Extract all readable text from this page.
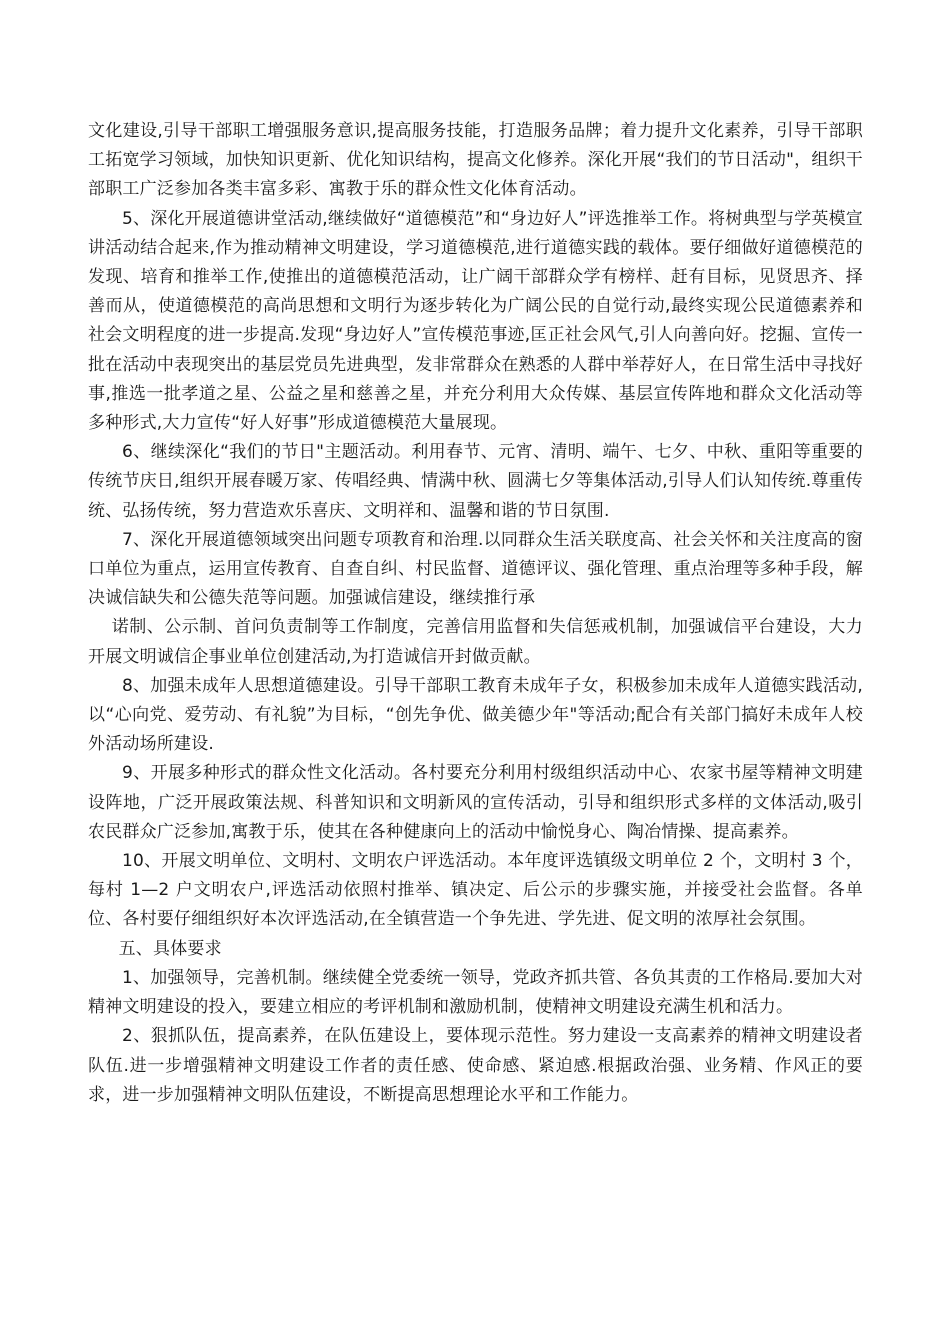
文化建设,引导干部职工增强服务意识,提高服务技能，打造服务品牌；着力提升文化素养，引导干部职工拓宽学习领域，加快知识更新、优化知识结构，提高文化修养。深化开展“我们的节日活动"，组织干部职工广泛参加各类丰富多彩、寓教于乐的群众性文化体育活动。

5、深化开展道德讲堂活动,继续做好“道德模范”和“身边好人”评选推举工作。将树典型与学英模宣讲活动结合起来,作为推动精神文明建设，学习道德模范,进行道德实践的载体。要仔细做好道德模范的发现、培育和推举工作,使推出的道德模范活动，让广阔干部群众学有榜样、赶有目标，见贤思齐、择善而从，使道德模范的高尚思想和文明行为逐步转化为广阔公民的自觉行动,最终实现公民道德素养和社会文明程度的进一步提高.发现“身边好人”宣传模范事迹,匡正社会风气,引人向善向好。挖掘、宣传一批在活动中表现突出的基层党员先进典型，发非常群众在熟悉的人群中举荐好人，在日常生活中寻找好事,推选一批孝道之星、公益之星和慈善之星，并充分利用大众传媒、基层宣传阵地和群众文化活动等多种形式,大力宣传“好人好事”形成道德模范大量展现。

6、继续深化“我们的节日"主题活动。利用春节、元宵、清明、端午、七夕、中秋、重阳等重要的传统节庆日,组织开展春暖万家、传唱经典、情满中秋、圆满七夕等集体活动,引导人们认知传统.尊重传统、弘扬传统，努力营造欢乐喜庆、文明祥和、温馨和谐的节日氛围.

7、深化开展道德领域突出问题专项教育和治理.以同群众生活关联度高、社会关怀和关注度高的窗口单位为重点，运用宣传教育、自查自纠、村民监督、道德评议、强化管理、重点治理等多种手段，解决诚信缺失和公德失范等问题。加强诚信建设，继续推行承

诺制、公示制、首问负责制等工作制度，完善信用监督和失信惩戒机制，加强诚信平台建设，大力开展文明诚信企事业单位创建活动,为打造诚信开封做贡献。

8、加强未成年人思想道德建设。引导干部职工教育未成年子女，积极参加未成年人道德实践活动,以“心向党、爱劳动、有礼貌”为目标，“创先争优、做美德少年"等活动;配合有关部门搞好未成年人校外活动场所建设.

9、开展多种形式的群众性文化活动。各村要充分利用村级组织活动中心、农家书屋等精神文明建设阵地，广泛开展政策法规、科普知识和文明新风的宣传活动，引导和组织形式多样的文体活动,吸引农民群众广泛参加,寓教于乐，使其在各种健康向上的活动中愉悦身心、陶冶情操、提高素养。

10、开展文明单位、文明村、文明农户评选活动。本年度评选镇级文明单位 2 个，文明村 3 个，每村 1—2 户文明农户,评选活动依照村推举、镇决定、后公示的步骤实施，并接受社会监督。各单位、各村要仔细组织好本次评选活动,在全镇营造一个争先进、学先进、促文明的浓厚社会氛围。

五、具体要求

1、加强领导，完善机制。继续健全党委统一领导，党政齐抓共管、各负其责的工作格局.要加大对精神文明建设的投入，要建立相应的考评机制和激励机制，使精神文明建设充满生机和活力。

2、狠抓队伍，提高素养，在队伍建设上，要体现示范性。努力建设一支高素养的精神文明建设者队伍.进一步增强精神文明建设工作者的责任感、使命感、紧迫感.根据政治强、业务精、作风正的要求，进一步加强精神文明队伍建设，不断提高思想理论水平和工作能力。
